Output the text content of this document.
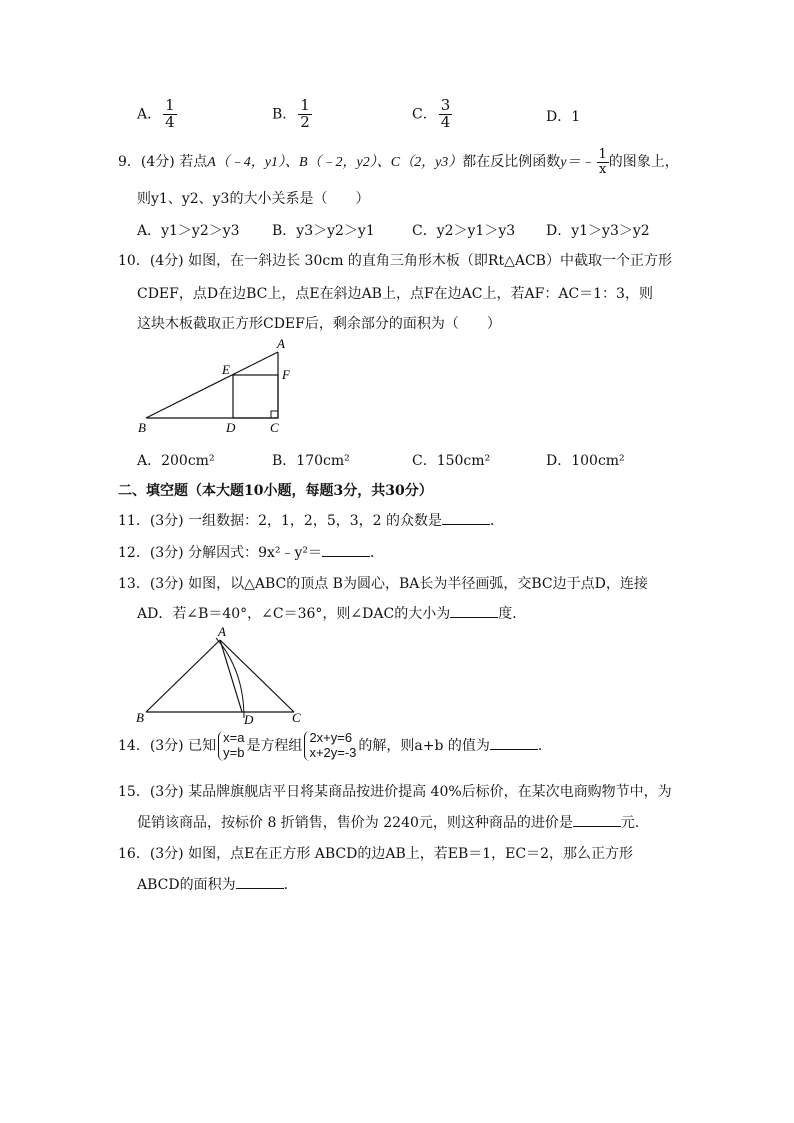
A． $\frac{1}{4}$	B． $\frac{1}{2}$	C． $\frac{3}{4}$	D．1
9．(4分) 若点A（﹣4，y1）、B（﹣2，y2）、C（2，y3）都在反比例函数y＝﹣ $\frac{1}{x}$ 的图象上，
则y1、y2、y3的大小关系是（　　）
A．y1＞y2＞y3 B．y3＞y2＞y1	C．y2＞y1＞y3 D．y1＞y3＞y2
10．(4分) 如图，在一斜边长 30cm 的直角三角形木板（即Rt△ACB）中截取一个正方形
CDEF，点D在边BC上，点E在斜边AB上，点F在边AC上，若AF：AC＝1：3，则
这块木板截取正方形CDEF后，剩余部分的面积为（　　）
A
B	C
D
E	F
A．200cm²	B．170cm²	C．150cm²	D．100cm²
二、填空题（本大题10小题，每题3分，共30分）
11．(3分) 一组数据：2，1，2，5，3，2 的众数是	．
12．(3分) 分解因式：9x²﹣y²＝	．
13．(3分) 如图，以△ABC的顶点 B为圆心，BA长为半径画弧，交BC边于点D，连接
AD．若∠B＝40°，∠C＝36°，则∠DAC的大小为	度．
A
B	C
D
14．(3分) 已知
x=a
y=b 是方程组
2x+y=6
x+2y=-3 的解，则a+b 的值为	．
15．(3分) 某品牌旗舰店平日将某商品按进价提高 40%后标价，在某次电商购物节中，为
促销该商品，按标价 8 折销售，售价为 2240元，则这种商品的进价是	元．
16．(3分) 如图，点E在正方形 ABCD的边AB上，若EB＝1，EC＝2，那么正方形
ABCD的面积为	．
